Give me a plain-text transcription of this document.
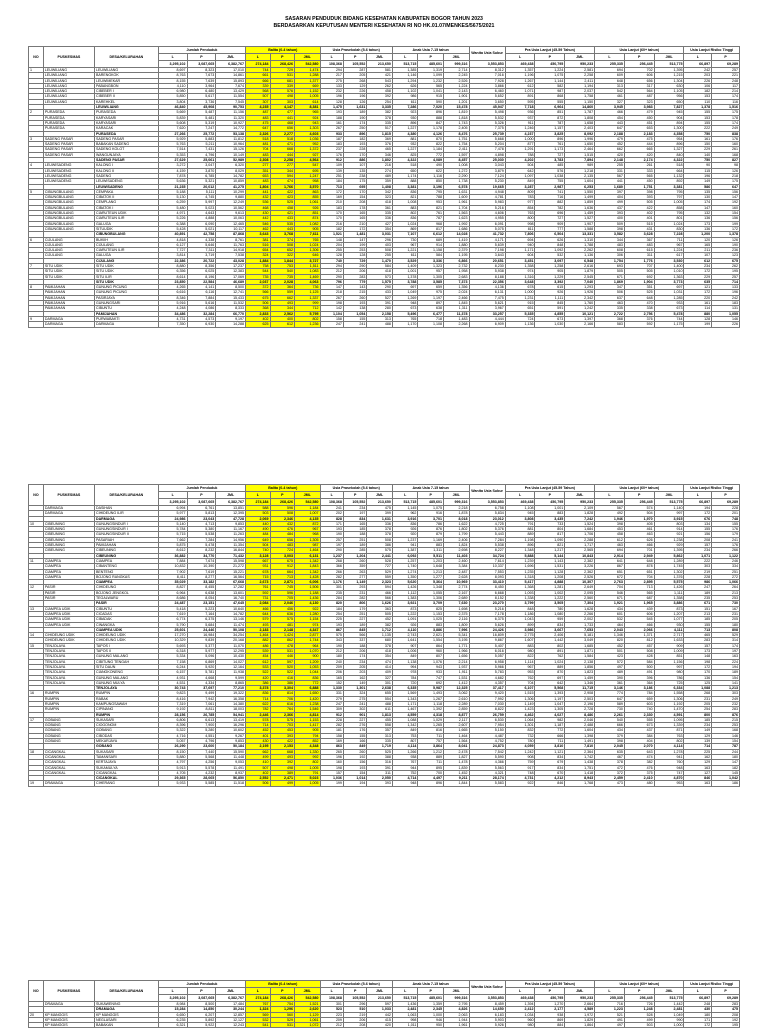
SASARAN PENDUDUK BIDANG KESEHATAN KABUPATEN BOGOR TAHUN 2023
BERDASARKAN KEPUTUSAN MENTERI KESEHATAN RI NO HK.01.07/MENKES/5675/2021
NO	PUSKESMAS	DESA/KELURAHAN	Jumlah Penduduk			Balita (0-4 tahun)			Usia Prasekolah (5-6 tahun)			Anak Usia 7-15 tahun			Wanita Usia Subur	Pra Usia Lanjut (45-59 Tahun)			Usia Lanjut (60+ tahun)			Usia Lanjut Risiko Tinggi	
			L	P	JML	L	P	JML	L	P	JML	L	P	JML		L	P	JML	L	P	JML	L	P
			3,295,102	3,087,665	6,382,767	274,184	268,426	542,580	108,368	105,552	213,650	513,715	485,601	999,316	3,553,853	469,438	450,795	950,233	255,335	256,445	513,775	66,897	69,289
1	LEUWILIANG	LEUWILIANG	8,697	8,323	17,010	744	729	1,474	294	287	581	1,385	1,319	2,714	8,312	1,357	1,224	2,581	694	702	1,395	242	257
	LEUWILIANG	BARENGKOK	8,763	7,673	14,861	661	531	1,288	217	205	421	1,146	1,099	2,245	7,016	1,196	1,075	2,258	609	606	1,215	203	221
	LEUWILIANG	LEUWIMEKAR	8,155	7,639	15,893	666	681	1,377	275	268	543	1,294	1,232	2,526	7,928	1,267	1,144	2,411	648	656	1,304	226	248
	LEUWILIANG	PABANGBON	4,110	3,964	7,674	339	339	669	133	129	262	626	565	1,224	3,866	612	582	1,194	313	317	630	106	117
	LEUWILIANG	CIBEBER I	6,980	6,480	13,429	568	576	1,152	232	226	458	1,102	1,041	2,143	6,460	1,071	987	2,037	542	564	1,105	182	214
	LEUWILIANG	CIBEBER II	5,850	5,617	11,554	507	498	1,005	196	196	392	986	915	1,901	5,652	891	868	1,758	461	487	956	153	174
	LEUWILIANG	KAREHKEL	3,804	3,736	7,545	307	303	614	128	126	254	611	590	1,201	3,650	595	555	1,150	327	323	650	110	116
		LEUWILIANG	46,840	45,908	90,753	4,235	4,147	8,381	1,475	1,631	3,335	7,286	7,020	15,478	45,947	7,718	6,964	14,860	3,945	3,983	7,827	1,378	1,516
2	PURASEDA	PURASEDA	5,669	5,487	11,156	487	477	965	193	189	382	923	896	1,819	5,498	936	851	1,787	466	479	945	155	175
	PURASEDA	KARYASARI	5,839	5,481	11,320	483	441	924	188	190	378	930	888	1,818	5,532	937	872	1,808	454	450	904	153	178
	PURASEDA	KARYASARI	5,608	5,319	10,927	475	468	943	161	174	335	896	847	1,743	5,326	911	787	1,658	443	451	894	155	174
	PURASEDA	KARACAK	7,620	7,247	14,772	647	656	1,303	267	250	517	1,227	1,178	2,405	7,375	1,246	1,157	2,403	647	653	1,300	222	249
		PURASEDA	27,266	25,772	53,138	2,326	2,277	4,603	933	896	1,815	4,380	4,126	8,476	25,739	4,237	3,825	8,092	2,188	2,183	4,358	750	838
3	SADENG PASAR	SADENG PASAR	5,929	5,883	11,812	518	518	1,036	187	182	369	881	870	1,751	5,668	1,000	896	1,996	479	475	954	161	176
	SADENG PASAR	BABAKAN SADENG	5,763	5,211	10,964	481	471	952	183	193	376	932	822	1,754	5,204	877	761	1,650	452	444	896	150	160
	SADENG PASAR	SADENG KOLOT	7,514	7,431	15,126	704	668	1,372	237	228	465	1,227	1,184	2,411	7,478	1,291	1,173	2,464	662	665	1,327	229	261
	SADENG PASAR	WANGUNJAYA	5,353	4,796	10,149	483	444	927	176	170	346	825	772	1,597	4,898	788	727	1,515	420	420	840	140	168
		SADENG PASAR	27,629	25,061	52,989	2,308	2,258	4,564	912	886	1,802	4,322	4,089	8,457	25,030	4,202	3,783	7,894	2,148	2,174	4,322	750	827
4	LEUWISADENG	KALONG I	3,272	3,047	6,320	277	277	547	109	107	216	518	490	1,008	3,043	504	485	989	255	261	518	90	98
	LEUWISADENG	KALONG II	4,159	3,870	8,029	351	344	695	139	135	274	650	622	1,272	3,879	642	576	1,218	331	333	664	115	126
	LEUWISADENG	SADENG	7,878	6,785	14,782	653	594	1,247	251	238	489	1,174	1,116	2,290	7,124	1,097	1,038	2,135	567	565	1,132	196	218
	LEUWISADENG	LEUWISADENG	5,636	5,321	10,859	483	474	958	184	175	359	888	850	1,738	5,230	849	755	1,604	441	450	892	149	175
		LEUWISADENG	21,235	20,012	41,275	1,804	1,766	3,570	713	695	1,408	3,381	3,196	6,578	19,665	3,287	2,987	6,253	1,680	1,751	3,381	586	647
5	CIBUNGBULANG	CEMPAKA	5,188	5,111	10,299	441	422	863	172	170	342	836	795	1,631	4,948	809	741	1,550	397	398	795	135	156
	CIBUNGBULANG	CIBATOK II	5,130	4,745	9,880	432	423	855	169	154	323	821	788	1,609	4,781	783	716	1,499	404	393	797	130	147
	CIBUNGBULANG	CEMPLANG	6,259	5,997	12,249	536	525	1,061	210	208	418	1,008	953	1,961	5,983	977	882	1,859	499	505	1,005	174	192
	CIBUNGBULANG	CIBATOK I	5,480	5,023	10,562	468	458	926	183	178	361	883	821	1,704	5,216	854	782	1,636	437	422	858	147	160
	CIBUNGBULANG	CIARUTEUN UDIK	4,971	4,643	9,613	430	421	851	170	165	335	802	761	1,563	4,606	763	696	1,459	393	402	795	132	154
	CIBUNGBULANG	CIARUTEUN ILIR	5,226	4,888	10,063	442	433	874	170	165	336	836	787	1,623	4,955	800	727	1,527	400	401	801	136	156
	CIBUNGBULANG	GALUGA	6,388	6,090	12,465	546	535	1,082	216	210	427	1,024	968	1,992	6,091	998	909	1,907	509	515	1,024	173	199
	CIBUNGBULANG	SITUUDIK	5,428	5,021	10,117	462	443	905	182	172	354	869	817	1,686	5,075	811	777	1,588	398	431	830	136	172
		CIBUNGBULANG	40,891	42,758	87,868	3,643	3,768	7,611	1,521	1,481	3,031	7,107	6,612	14,028	41,732	7,806	6,504	13,331	3,582	3,628	7,228	1,200	1,378
6	CIJULANG	BUKIIH	4,818	4,338	8,761	381	374	765	148	147	296	730	689	1,419	4,171	694	626	1,310	344	367	711	120	126
	CIJULANG	CIJULANG	6,127	5,646	11,763	516	508	1,024	204	199	403	967	914	1,880	5,639	940	848	1,788	483	483	967	165	190
	CIJULANG	CIARUTEUN ILIR	7,727	7,311	14,918	654	652	1,306	255	253	508	1,221	1,158	2,379	7,198	1,171	1,092	2,262	608	615	1,224	211	236
	CIJULANG	GALUGA	3,814	3,719	7,538	324	322	646	128	128	255	611	584	1,195	3,643	604	532	1,136	306	311	617	107	123
		CIJULANG	22,386	20,722	43,028	1,884	1,844	3,727	740	729	1,470	3,529	3,336	6,866	20,651	3,451	3,097	6,548	1,754	1,776	3,530	612	675
7	SITU UDIK	SITU UDIK	8,880	8,356	17,237	758	753	1,511	294	290	584	1,409	1,323	2,732	8,230	1,358	1,258	2,616	693	707	1,400	234	262
	SITU UDIK	SITU UDIK	6,356	6,025	12,383	544	540	1,083	212	206	418	1,001	957	1,958	5,938	974	905	1,879	505	505	1,010	172	195
	SITU UDIK	SITU ILIR	8,614	8,196	17,069	735	735	1,469	290	283	573	1,378	1,305	2,683	8,188	1,316	1,229	2,545	671	692	1,363	229	257
		SITU UDIK	23,850	22,584	46,689	2,037	2,028	4,063	796	779	1,575	3,788	3,585	7,373	22,356	3,648	3,392	7,040	1,869	1,904	3,773	635	714
8	PAMIJAHAN	GUNUNG PICUNG	4,265	4,141	8,500	372	364	736	147	143	290	697	659	1,356	4,136	678	615	1,293	347	351	697	121	133
	PAMIJAHAN	GUNUNG PICUNG	6,616	6,116	12,741	566	559	1,125	218	215	433	1,049	975	2,024	6,131	1,000	926	1,926	506	525	1,031	172	196
	PAMIJAHAN	PASIRJAYA	8,346	7,884	15,433	675	662	1,337	267	260	527	1,269	1,197	2,466	7,475	1,231	1,111	2,342	637	648	1,285	220	242
	PAMIJAHAN	GUNUNGSARI	5,916	5,616	11,532	506	493	999	198	193	391	948	897	1,845	5,621	915	845	1,760	463	470	933	161	183
	PAMIJAHAN	CIBUNTU	4,248	4,086	8,333	368	344	712	142	138	280	673	638	1,311	3,967	651	591	1,242	335	338	673	114	131
		PAMIJAHAN	34,486	32,284	66,770	2,833	2,562	5,795	1,104	1,054	2,158	5,496	6,477	11,378	33,257	5,335	4,855	10,121	2,722	2,756	5,478	880	1,055
9	DARMAGA	PURWABAKTI	4,731	4,573	9,197	402	400	802	158	155	313	765	718	1,483	4,444	724	673	1,397	368	376	744	128	146
	DARMAGA	DARMAGA	7,350	6,930	14,288	625	612	1,236	247	241	488	1,170	1,108	2,268	6,909	1,136	1,030	2,166	583	592	1,175	199	226
NO	PUSKESMAS	DESA/KELURAHAN	Jumlah Penduduk			Balita (0-4 tahun)			Usia Prasekolah (5-6 tahun)			Anak Usia 7-15 tahun			Wanita Usia Subur	Pra Usia Lanjut (45-59 Tahun)			Usia Lanjut (60+ tahun)			Usia Lanjut Risiko Tinggi	
			L	P	JML	L	P	JML	L	P	JML	L	P	JML		L	P	JML	L	P	JML	L	P
			3,295,102	3,087,665	6,382,767	274,184	268,426	542,580	108,368	105,552	213,650	513,715	485,601	999,316	3,553,853	469,438	450,795	950,233	255,335	256,445	513,775	66,897	69,289
	DARMAGA	DASIHAN	6,994	6,761	13,851	588	596	1,184	241	234	475	1,145	1,075	2,218	6,758	1,108	1,001	2,109	567	574	1,140	194	228
	DARMAGA	CIHIDEUNG ILIR	5,977	5,813	12,395	503	508	1,007	202	197	399	962	916	1,878	5,834	945	883	1,828	492	504	997	172	201
		DARMAGA	24,986	23,043	47,728	2,069	2,346	4,135	828	834	1,631	3,916	3,701	8,018	23,012	3,808	3,435	7,242	1,946	1,970	3,915	676	748
10	CIBEUNING	GUNUNGSINDUR I	5,140	4,713	9,853	440	432	872	171	165	336	836	786	1,622	4,725	791	733	1,524	398	405	803	134	155
	CIBEUNING	GUNUNGSINDUR I	5,784	5,380	11,167	490	476	967	193	185	378	926	876	1,802	5,376	881	804	1,684	453	461	914	155	176
	CIBEUNING	GUNUNGSINDUR II	5,715	5,538	11,263	484	484	968	190	188	378	920	879	1,799	5,443	889	817	1,706	458	463	921	156	179
	CIBEUNING	PASARIAH	7,662	7,284	14,956	649	656	1,305	257	251	508	1,237	1,169	2,406	7,284	1,198	1,090	2,288	612	626	1,238	208	241
	CIBEUNING	PAMIJAHAN	5,875	5,478	11,354	504	483	987	197	189	386	941	883	1,824	5,538	896	821	1,717	463	466	929	157	176
	CIBEUNING	CIBEUNING	8,612	8,232	16,844	740	724	1,464	290	285	575	1,387	1,311	2,698	8,227	1,348	1,217	2,565	694	701	1,395	234	266
		CIBEUNING	36,882	34,770	71,432	3,128	3,003	6,131	1,237	1,204	2,441	6,092	5,511	11,403	34,724	5,888	5,144	10,843	2,914	2,949	5,862	1,071	1,122
11	CIAMPEA	CIAMPEA	7,884	7,674	15,598	667	675	1,342	268	260	528	1,257	1,203	2,460	7,614	1,239	1,143	2,382	641	648	1,289	222	246
	CIAMPEA	CIBANTENG	10,832	10,390	21,272	931	912	1,843	366	359	727	1,740	1,648	3,384	10,337	1,696	1,531	3,226	867	878	1,745	303	334
	CIAMPEA	BENTENG	7,902	7,619	15,221	678	664	1,342	266	263	529	1,274	1,213	2,487	7,553	1,235	1,128	2,362	651	651	1,302	219	251
	CIAMPEA	BOJONG RANGKAS	8,411	8,277	16,564	715	713	1,428	282	277	559	1,350	1,277	2,628	8,093	1,318	1,208	2,526	672	704	1,376	228	272
		CIAMPEA	35,029	33,182	67,668	2,673	2,871	6,006	1,176	1,149	2,323	5,620	5,364	10,969	33,410	5,417	4,888	10,307	2,763	2,895	5,575	986	1,066
12	PASIR	CIHIDEUNG	8,827	8,455	17,282	761	745	1,506	301	293	594	1,426	1,348	2,774	8,450	1,368	1,281	2,649	704	713	1,426	247	264
	PASIR	BOJONG JENGKOL	6,964	6,638	13,601	592	596	1,188	235	231	466	1,112	1,055	2,167	6,668	1,093	1,002	2,095	546	565	1,111	189	213
	PASIR	TEGALWARU	8,686	8,054	16,740	731	705	1,436	284	282	566	1,383	1,306	2,689	8,152	1,338	1,222	2,560	671	687	1,358	235	253
		PASIR	24,487	23,151	47,645	2,084	2,046	4,130	820	806	1,626	3,921	3,709	7,630	23,270	3,799	3,505	7,304	1,921	1,965	3,886	671	730
13	CIAMPEA UDIK	CIBUNTU	5,418	5,223	10,640	466	456	922	184	179	363	873	825	1,698	5,216	848	780	1,628	434	439	873	151	167
	CIAMPEA UDIK	CICADAS	7,619	7,164	14,782	644	636	1,280	254	251	505	1,222	1,153	2,375	7,178	1,186	1,080	2,266	601	606	1,207	213	231
	CIAMPEA UDIK	CIBADAK	6,774	6,375	13,146	579	575	1,154	225	227	452	1,091	1,025	2,116	6,375	1,043	959	2,002	532	545	1,077	185	205
	CIAMPEA UDIK	CINANGKA	5,790	5,684	11,474	493	481	974	193	189	382	926	883	1,809	5,626	899	834	1,733	464	466	930	155	180
		CIAMPEA UDIK	25,601	24,446	50,108	2,183	2,148	4,347	867	845	1,712	4,110	3,886	7,996	24,426	3,986	3,667	7,653	2,043	2,066	4,111	713	808
14	CIHIDEUNG UDIK	CIHIDEUNG UDIK	17,270	16,984	34,254	1,464	1,424	2,877	575	566	1,135	2,743	2,621	5,341	16,809	2,775	2,406	5,181	1,346	1,371	2,717	465	529
	CIHIDEUNG UDIK	CIHIDEUNG UDIK	10,329	9,839	20,168	882	862	1,744	343	337	680	1,641	1,554	3,195	9,867	1,607	1,442	3,049	820	812	1,633	283	314
15	TENJOLAYA	TAPOS I	5,693	5,377	11,070	486	478	964	190	188	378	907	864	1,771	5,407	883	802	1,685	452	457	909	157	174
	TENJOLAYA	TAPOS II	6,318	5,977	12,295	539	531	1,070	212	206	418	1,006	960	1,966	6,016	980	891	1,871	501	508	1,009	173	197
	TENJOLAYA	GUNUNG MALANG	5,334	5,096	10,430	454	446	900	180	174	354	849	807	1,656	5,057	822	762	1,584	423	428	851	148	163
	TENJOLAYA	CIBITUNG TENGAH	7,158	6,869	14,027	612	597	1,209	240	234	474	1,138	1,076	2,214	6,958	1,114	1,024	2,138	572	584	1,156	198	224
	TENJOLAYA	SITU DAUN	6,244	5,920	12,164	533	520	1,053	209	205	414	994	943	1,937	5,966	967	889	1,856	497	500	997	172	194
	TENJOLAYA	CIANGKONENG	6,157	5,781	11,938	522	522	1,044	206	203	409	978	933	1,911	5,783	953	870	1,823	489	491	980	170	189
	TENJOLAYA	GUNUNG MALANG	4,931	4,668	9,599	420	416	836	165	162	327	784	747	1,531	4,682	762	697	1,459	390	396	786	136	154
	TENJOLAYA	GUNUNG MULYA	4,531	4,334	8,865	386	386	772	152	149	301	720	692	1,412	4,357	704	642	1,346	361	364	725	125	141
		TENJOLAYA	30,743	37,697	77,210	3,378	3,304	6,888	1,330	1,301	2,638	6,335	5,987	12,325	37,417	6,107	5,568	11,715	3,146	3,186	6,334	1,088	1,213
16	RUMPIN	RUMPIN	9,823	9,499	19,322	836	814	1,650	331	324	655	1,569	1,493	3,062	9,420	1,515	1,393	2,908	774	784	1,558	268	303
	RUMPIN	RABAK	8,416	7,942	16,358	714	706	1,420	279	275	554	1,343	1,267	2,610	7,992	1,306	1,197	2,503	647	659	1,306	231	249
	RUMPIN	KAMPUNGSAWAH	7,319	7,061	14,380	622	616	1,238	247	241	488	1,171	1,118	2,289	7,030	1,149	1,047	2,196	589	603	1,192	205	232
	RUMPIN	CIPINANG	9,192	8,811	18,003	782	764	1,546	309	302	611	1,467	1,392	2,859	8,822	1,423	1,305	2,728	730	740	1,470	254	283
		RUMPIN	28,156	26,785	54,941	2,446	2,366	4,814	912	901	1,813	4,559	4,318	8,877	26,759	4,462	4,027	8,486	2,261	2,330	4,591	800	876
17	GOBANG	SUKASARI	6,806	6,613	13,419	578	575	1,153	228	227	455	1,088	1,029	2,117	6,530	1,064	982	2,046	540	555	1,095	185	215
	GOBANG	CIOGONOM	8,396	7,900	16,296	714	703	1,417	282	276	558	1,342	1,265	2,607	7,954	1,301	1,187	2,488	666	673	1,339	234	253
	GOBANG	GOBANG	5,322	5,280	10,602	452	453	905	181	176	357	849	816	1,665	5,150	832	772	1,604	434	437	871	149	168
	GOBANG	CIBODAS	4,716	4,551	9,267	401	393	794	158	155	313	753	711	1,464	4,487	732	666	1,398	379	384	763	129	146
	GOBANG	MEKARJAYA	5,057	4,796	9,853	430	422	852	169	166	335	807	757	1,564	4,752	780	711	1,491	398	404	802	139	154
		GOBANG	26,290	23,600	50,184	2,195	2,153	4,348	863	849	1,719	4,114	3,864	8,041	24,873	4,059	3,810	7,810	2,045	2,070	4,114	714	787
18	CICANGKAL	SUKASARI	8,150	7,440	15,590	662	668	1,330	265	260	525	1,266	1,212	2,478	7,542	1,242	1,121	2,364	635	643	1,278	225	244
	CICANGKAL	TAMANSARI	5,880	5,568	11,448	499	493	992	196	192	388	938	889	1,827	5,590	908	834	1,742	467	474	941	162	180
	CICANGKAL	KERTAJAYA	4,797	4,256	9,053	410	392	802	160	156	316	767	711	1,478	4,366	759	679	1,438	378	382	760	129	147
	CICANGKAL	SUKAMULYA	5,913	5,578	11,491	507	498	1,005	198	193	391	944	895	1,839	5,563	917	834	1,751	472	476	948	163	182
	CICANGKAL	CICANGKAL	4,705	4,232	8,937	402	389	791	157	154	311	752	700	1,452	4,321	748	670	1,418	372	375	747	127	145
		CICANGKAL	29,365	28,065	56,850	2,552	2,471	5,023	1,036	1,014	2,050	4,714	4,497	9,211	28,174	4,731	4,212	8,943	2,459	2,410	4,870	846	1,042
19	DRAMAGA	CIHERANG	5,933	5,585	11,518	506	499	1,005	199	194	393	948	896	1,844	5,583	922	846	1,768	473	480	953	163	186
NO	PUSKESMAS	DESA/KELURAHAN	Jumlah Penduduk			Balita (0-4 tahun)			Usia Prasekolah (5-6 tahun)			Anak Usia 7-15 tahun			Wanita Usia Subur	Pra Usia Lanjut (45-59 Tahun)			Usia Lanjut (60+ tahun)			Usia Lanjut Risiko Tinggi	
			L	P	JML	L	P	JML	L	P	JML	L	P	JML		L	P	JML	L	P	JML	L	P
			3,295,102	3,087,665	6,382,767	274,184	268,426	542,580	108,368	105,552	213,650	513,715	485,601	999,316	3,553,853	469,438	450,795	950,233	255,335	256,445	513,775	66,897	69,289
	DRAMAGA	SUKAWENING	8,984	8,500	17,484	767	754	1,521	301	296	597	1,436	1,359	2,795	8,459	1,394	1,270	2,664	716	726	1,442	248	283
		DRAMAGA	15,284	14,850	30,244	1,324	1,296	2,620	523	510	1,033	2,481	2,345	4,826	14,650	2,412	2,177	4,589	1,223	1,248	2,481	430	475
20	KP MANGGIS	KP MANGGIS	6,650	6,207	12,857	569	560	1,129	223	219	442	1,063	1,000	2,063	6,183	1,034	938	1,972	521	528	1,049	180	208
	KP MANGGIS	NEGLASARI	6,235	5,892	12,127	532	529	1,061	209	206	415	998	946	1,944	5,903	960	869	1,829	491	499	990	171	192
	KP MANGGIS	BABAKAN	6,321	5,922	12,243	541	531	1,072	212	208	420	1,011	950	1,961	5,926	980	884	1,864	497	503	1,000	172	195
